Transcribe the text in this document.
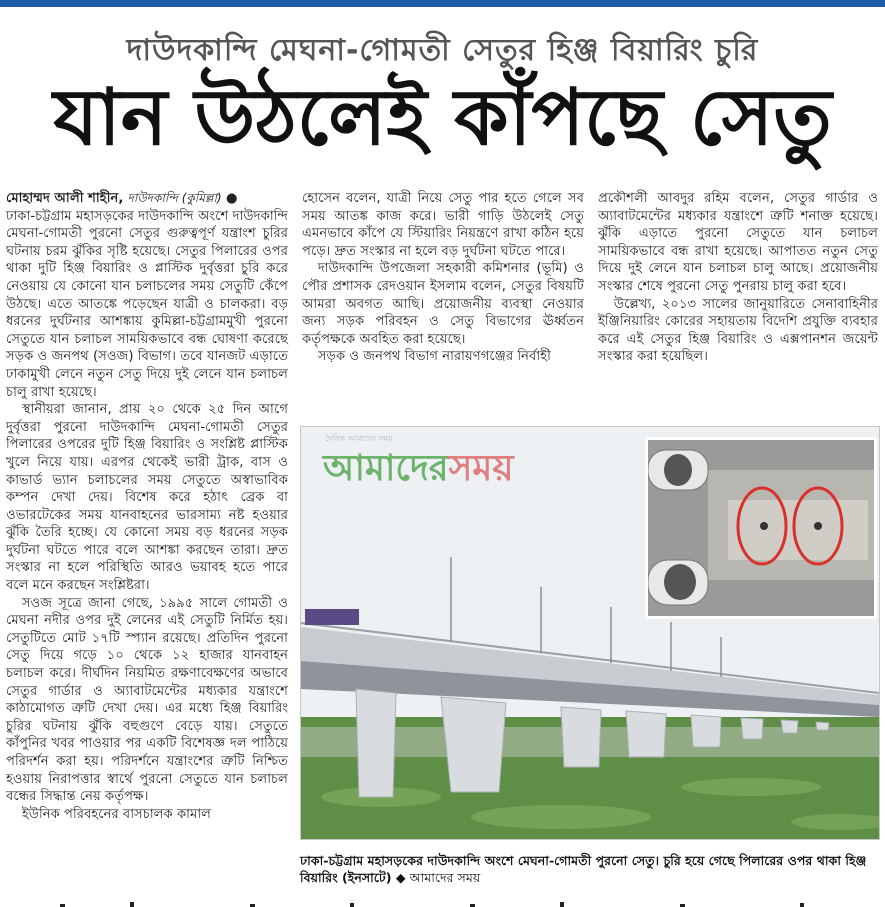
দাউদকান্দি মেঘনা-গোমতী সেতুর হিঞ্জ বিয়ারিং চুরি
যান উঠলেই কাঁপছে সেতু

মোহাম্মদ আলী শাহীন, দাউদকান্দি (কুমিল্লা) ●

ঢাকা-চট্টগ্রাম মহাসড়কের দাউদকান্দি অংশে দাউদকান্দি মেঘনা-গোমতী পুরনো সেতুর গুরুত্বপূর্ণ যন্ত্রাংশ চুরির ঘটনায় চরম ঝুঁকির সৃষ্টি হয়েছে। সেতুর পিলারের ওপর থাকা দুটি হিঞ্জ বিয়ারিং ও প্লাস্টিক দুর্বৃত্তরা চুরি করে নেওয়ায় যে কোনো যান চলাচলের সময় সেতুটি কেঁপে উঠছে। এতে আতঙ্কে পড়েছেন যাত্রী ও চালকরা। বড় ধরনের দুর্ঘটনার আশঙ্কায় কুমিল্লা-চট্টগ্রামমুখী পুরনো সেতুতে যান চলাচল সাময়িকভাবে বন্ধ ঘোষণা করেছে সড়ক ও জনপথ (সওজ) বিভাগ। তবে যানজট এড়াতে ঢাকামুখী লেনে নতুন সেতু দিয়ে দুই লেনে যান চলাচল চালু রাখা হয়েছে।

স্থানীয়রা জানান, প্রায় ২০ থেকে ২৫ দিন আগে দুর্বৃত্তরা পুরনো দাউদকান্দি মেঘনা-গোমতী সেতুর পিলারের ওপরের দুটি হিঞ্জ বিয়ারিং ও সংশ্লিষ্ট প্লাস্টিক খুলে নিয়ে যায়। এরপর থেকেই ভারী ট্রাক, বাস ও কাভার্ড ভ্যান চলাচলের সময় সেতুতে অস্বাভাবিক কম্পন দেখা দেয়। বিশেষ করে হঠাৎ ব্রেক বা ওভারটেকের সময় যানবাহনের ভারসাম্য নষ্ট হওয়ার ঝুঁকি তৈরি হচ্ছে। যে কোনো সময় বড় ধরনের সড়ক দুর্ঘটনা ঘটতে পারে বলে আশঙ্কা করছেন তারা। দ্রুত সংস্কার না হলে পরিস্থিতি আরও ভয়াবহ হতে পারে বলে মনে করছেন সংশ্লিষ্টরা।

সওজ সূত্রে জানা গেছে, ১৯৯৫ সালে গোমতী ও মেঘনা নদীর ওপর দুই লেনের এই সেতুটি নির্মিত হয়। সেতুটিতে মোট ১৭টি স্প্যান রয়েছে। প্রতিদিন পুরনো সেতু দিয়ে গড়ে ১০ থেকে ১২ হাজার যানবাহন চলাচল করে। দীর্ঘদিন নিয়মিত রক্ষণাবেক্ষণের অভাবে সেতুর গার্ডার ও অ্যাবাটমেন্টের মধ্যকার যন্ত্রাংশে কাঠামোগত ত্রুটি দেখা দেয়। এর মধ্যে হিঞ্জ বিয়ারিং চুরির ঘটনায় ঝুঁকি বহুগুণে বেড়ে যায়। সেতুতে কাঁপুনির খবর পাওয়ার পর একটি বিশেষজ্ঞ দল পাঠিয়ে পরিদর্শন করা হয়। পরিদর্শনে যন্ত্রাংশের ত্রুটি নিশ্চিত হওয়ায় নিরাপত্তার স্বার্থে পুরনো সেতুতে যান চলাচল বন্ধের সিদ্ধান্ত নেয় কর্তৃপক্ষ।

ইউনিক পরিবহনের বাসচালক কামাল

হোসেন বলেন, যাত্রী নিয়ে সেতু পার হতে গেলে সব সময় আতঙ্ক কাজ করে। ভারী গাড়ি উঠলেই সেতু এমনভাবে কাঁপে যে স্টিয়ারিং নিয়ন্ত্রণে রাখা কঠিন হয়ে পড়ে। দ্রুত সংস্কার না হলে বড় দুর্ঘটনা ঘটতে পারে।

দাউদকান্দি উপজেলা সহকারী কমিশনার (ভূমি) ও পৌর প্রশাসক রেদওয়ান ইসলাম বলেন, সেতুর বিষয়টি আমরা অবগত আছি। প্রয়োজনীয় ব্যবস্থা নেওয়ার জন্য সড়ক পরিবহন ও সেতু বিভাগের ঊর্ধ্বতন কর্তৃপক্ষকে অবহিত করা হয়েছে।

সড়ক ও জনপথ বিভাগ নারায়ণগঞ্জের নির্বাহী

প্রকৌশলী আবদুর রহিম বলেন, সেতুর গার্ডার ও অ্যাবাটমেন্টের মধ্যকার যন্ত্রাংশে ত্রুটি শনাক্ত হয়েছে। ঝুঁকি এড়াতে পুরনো সেতুতে যান চলাচল সাময়িকভাবে বন্ধ রাখা হয়েছে। আপাতত নতুন সেতু দিয়ে দুই লেনে যান চলাচল চালু আছে। প্রয়োজনীয় সংস্কার শেষে পুরনো সেতু পুনরায় চালু করা হবে।

উল্লেখ্য, ২০১৩ সালের জানুয়ারিতে সেনাবাহিনীর ইঞ্জিনিয়ারিং কোরের সহায়তায় বিদেশি প্রযুক্তি ব্যবহার করে এই সেতুর হিঞ্জ বিয়ারিং ও এক্সপানশন জয়েন্ট সংস্কার করা হয়েছিল।

দৈনিক আমাদের সময়
আমাদেরসময়
ঢাকা-চট্টগ্রাম মহাসড়কের দাউদকান্দি অংশে মেঘনা-গোমতী পুরনো সেতু। চুরি হয়ে গেছে পিলারের ওপর থাকা হিঞ্জ বিয়ারিং (ইনসাটে) ◆ আমাদের সময়
